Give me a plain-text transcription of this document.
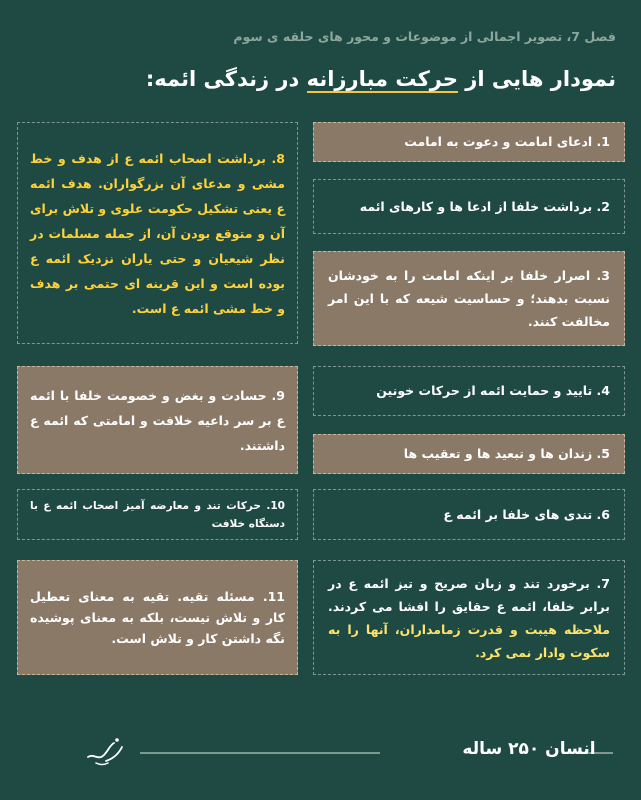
فصل 7، تصویر اجمالی از موضوعات و محور های حلقه ی سوم
نمودار هایی از حرکت مبارزانه در زندگی ائمه:
1. ادعای امامت و دعوت به امامت
2. برداشت خلفا از ادعا ها و کارهای ائمه
3. اصرار خلفا بر اینکه امامت را به خودشان نسبت بدهند؛ و حساسیت شیعه که با این امر مخالفت کنند.
4. تایید و حمایت ائمه از حرکات خونین
5. زندان ها و تبعید ها و تعقیب ها
6. تندی های خلفا بر ائمه ع
7. برخورد تند و زبان صریح و تیز ائمه ع در برابر خلفا، ائمه ع حقایق را افشا می کردند. ملاحظه هیبت و قدرت زمامداران، آنها را به سکوت وادار نمی کرد.
8. برداشت اصحاب ائمه ع از هدف و خط مشی و مدعای آن بزرگواران. هدف ائمه ع یعنی تشکیل حکومت علوی و تلاش برای آن و متوقع بودن آن، از جمله مسلمات در نظر شیعیان و حتی یاران نزدیک ائمه ع بوده است و این قرینه ای حتمی بر هدف و خط مشی ائمه ع است.
9. حسادت و بغض و خصومت خلفا با ائمه ع بر سر داعیه خلافت و امامتی که ائمه ع داشتند.
10. حرکات تند و معارضه آمیز اصحاب ائمه ع با دستگاه خلافت
11. مسئله تقیه. تقیه به معنای تعطیل کار و تلاش نیست، بلکه به معنای پوشیده نگه داشتن کار و تلاش است.
انسان ۲۵۰ ساله
